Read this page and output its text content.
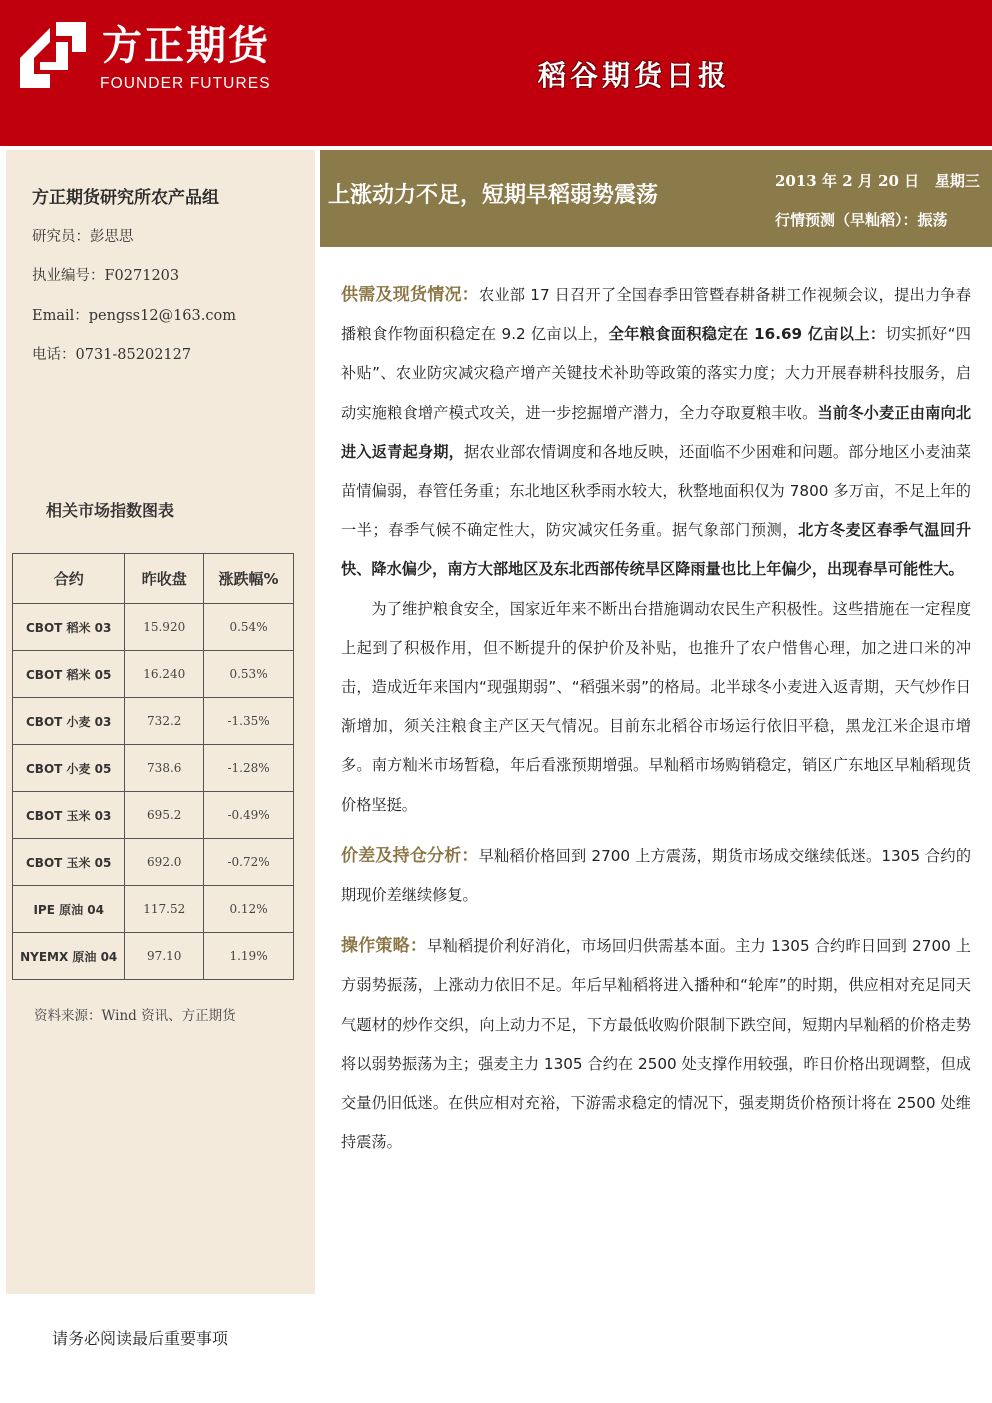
方正期货
FOUNDER FUTURES	稻谷期货日报
方正期货研究所农产品组
研究员：彭思思
执业编号：F0271203
Email：pengss12@163.com
电话：0731-85202127
相关市场指数图表
合约	昨收盘	涨跌幅%
CBOT 稻米 03	15.920	0.54%
CBOT 稻米 05	16.240	0.53%
CBOT 小麦 03	732.2	-1.35%
CBOT 小麦 05	738.6	-1.28%
CBOT 玉米 03	695.2	-0.49%
CBOT 玉米 05	692.0	-0.72%
IPE 原油 04	117.52	0.12%
NYEMX 原油 04	97.10	1.19%
资料来源：Wind 资讯、方正期货
请务必阅读最后重要事项
上涨动力不足，短期早稻弱势震荡
2013 年 2 月 20 日   星期三
行情预测（早籼稻）：振荡

供需及现货情况：农业部 17 日召开了全国春季田管暨春耕备耕工作视频会议，提出力争春播粮食作物面积稳定在 9.2 亿亩以上，全年粮食面积稳定在 16.69 亿亩以上：切实抓好“四补贴”、农业防灾减灾稳产增产关键技术补助等政策的落实力度；大力开展春耕科技服务，启动实施粮食增产模式攻关，进一步挖掘增产潜力，全力夺取夏粮丰收。当前冬小麦正由南向北进入返青起身期，据农业部农情调度和各地反映，还面临不少困难和问题。部分地区小麦油菜苗情偏弱，春管任务重；东北地区秋季雨水较大，秋整地面积仅为 7800 多万亩，不足上年的一半；春季气候不确定性大，防灾减灾任务重。据气象部门预测，北方冬麦区春季气温回升快、降水偏少，南方大部地区及东北西部传统旱区降雨量也比上年偏少，出现春旱可能性大。

为了维护粮食安全，国家近年来不断出台措施调动农民生产积极性。这些措施在一定程度上起到了积极作用，但不断提升的保护价及补贴，也推升了农户惜售心理，加之进口米的冲击，造成近年来国内“现强期弱”、“稻强米弱”的格局。北半球冬小麦进入返青期，天气炒作日渐增加，须关注粮食主产区天气情况。目前东北稻谷市场运行依旧平稳，黑龙江米企退市增多。南方籼米市场暂稳，年后看涨预期增强。早籼稻市场购销稳定，销区广东地区早籼稻现货价格坚挺。

价差及持仓分析：早籼稻价格回到 2700 上方震荡，期货市场成交继续低迷。1305 合约的期现价差继续修复。

操作策略：早籼稻提价利好消化，市场回归供需基本面。主力 1305 合约昨日回到 2700 上方弱势振荡，上涨动力依旧不足。年后早籼稻将进入播种和“轮库”的时期，供应相对充足同天气题材的炒作交织，向上动力不足，下方最低收购价限制下跌空间，短期内早籼稻的价格走势将以弱势振荡为主；强麦主力 1305 合约在 2500 处支撑作用较强，昨日价格出现调整，但成交量仍旧低迷。在供应相对充裕，下游需求稳定的情况下，强麦期货价格预计将在 2500 处维持震荡。
